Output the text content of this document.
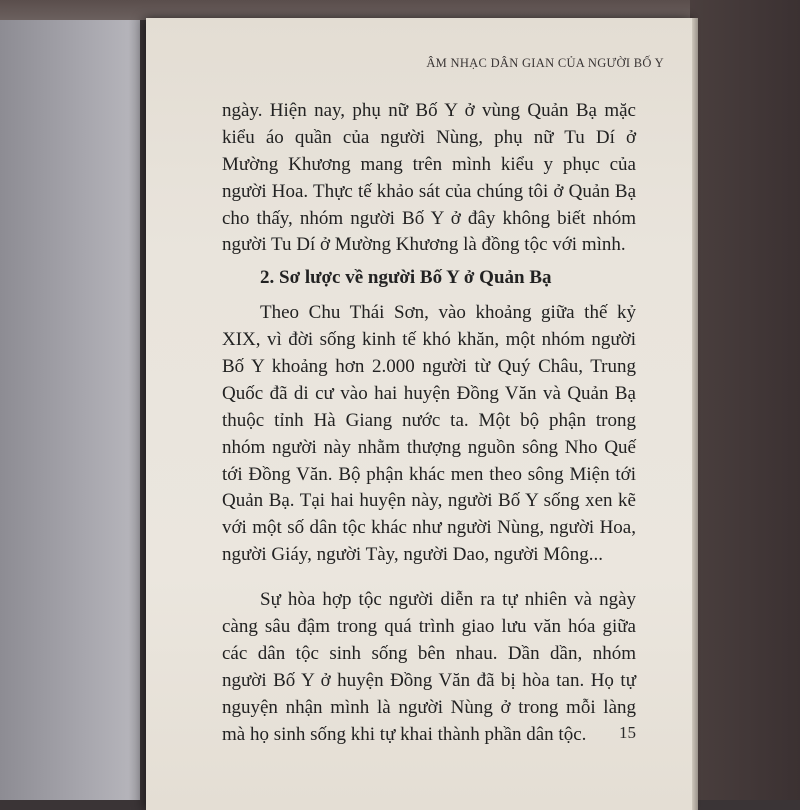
ÂM NHẠC DÂN GIAN CỦA NGƯỜI BỐ Y
ngày. Hiện nay, phụ nữ Bố Y ở vùng Quản Bạ mặc
kiểu áo quần của người Nùng, phụ nữ Tu Dí ở
Mường Khương mang trên mình kiểu y phục của
người Hoa. Thực tế khảo sát của chúng tôi ở Quản Bạ
cho thấy, nhóm người Bố Y ở đây không biết nhóm
người Tu Dí ở Mường Khương là đồng tộc với mình.
2. Sơ lược về người Bố Y ở Quản Bạ
Theo Chu Thái Sơn, vào khoảng giữa thế kỷ
XIX, vì đời sống kinh tế khó khăn, một nhóm người
Bố Y khoảng hơn 2.000 người từ Quý Châu, Trung
Quốc đã di cư vào hai huyện Đồng Văn và Quản Bạ
thuộc tỉnh Hà Giang nước ta. Một bộ phận trong
nhóm người này nhằm thượng nguồn sông Nho Quế
tới Đồng Văn. Bộ phận khác men theo sông Miện tới
Quản Bạ. Tại hai huyện này, người Bố Y sống xen kẽ
với một số dân tộc khác như người Nùng, người Hoa,
người Giáy, người Tày, người Dao, người Mông...
Sự hòa hợp tộc người diễn ra tự nhiên và ngày
càng sâu đậm trong quá trình giao lưu văn hóa giữa
các dân tộc sinh sống bên nhau. Dần dần, nhóm
người Bố Y ở huyện Đồng Văn đã bị hòa tan. Họ tự
nguyện nhận mình là người Nùng ở trong mỗi làng
mà họ sinh sống khi tự khai thành phần dân tộc.	15
